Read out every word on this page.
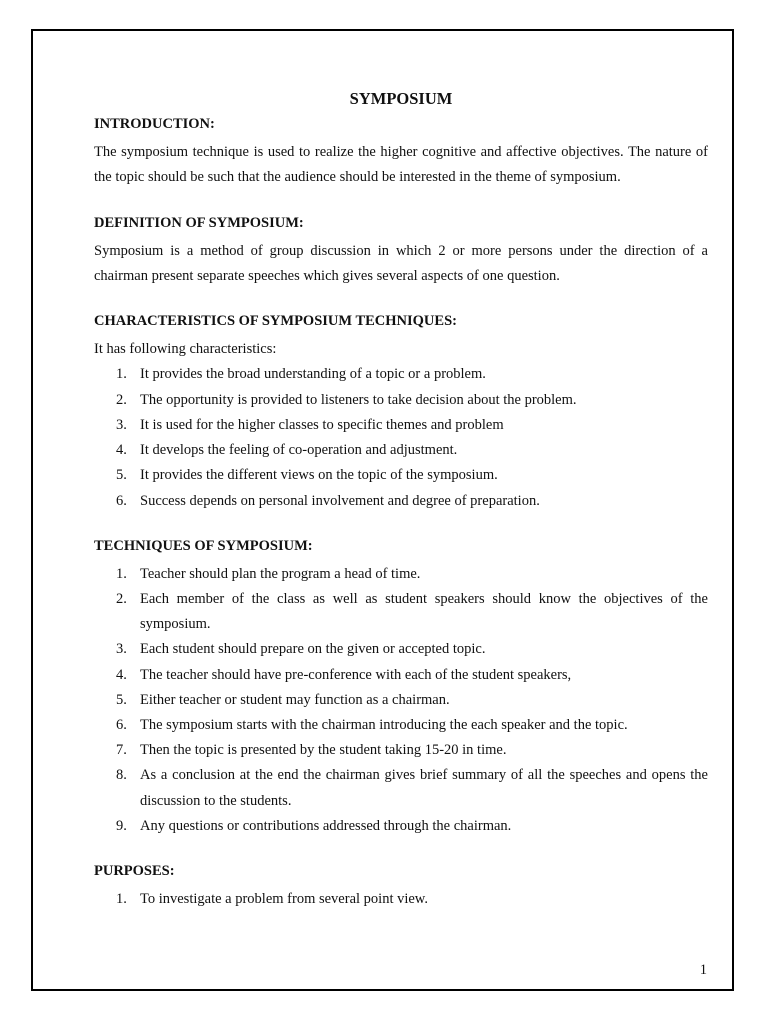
SYMPOSIUM
INTRODUCTION:

The symposium technique is used to realize the higher cognitive and affective objectives. The nature of the topic should be such that the audience should be interested in the theme of symposium.

DEFINITION OF SYMPOSIUM:

Symposium is a method of group discussion in which 2 or more persons under the direction of a chairman present separate speeches which gives several aspects of one question.

CHARACTERISTICS OF SYMPOSIUM TECHNIQUES:

It has following characteristics:

1. It provides the broad understanding of a topic or a problem.
2. The opportunity is provided to listeners to take decision about the problem.
3. It is used for the higher classes to specific themes and problem
4. It develops the feeling of co-operation and adjustment.
5. It provides the different views on the topic of the symposium.
6. Success depends on personal involvement and degree of preparation.
TECHNIQUES OF SYMPOSIUM:
1. Teacher should plan the program a head of time.
2. Each member of the class as well as student speakers should know the objectives of the symposium.
3. Each student should prepare on the given or accepted topic.
4. The teacher should have pre-conference with each of the student speakers,
5. Either teacher or student may function as a chairman.
6. The symposium starts with the chairman introducing the each speaker and the topic.
7. Then the topic is presented by the student taking 15-20 in time.
8. As a conclusion at the end the chairman gives brief summary of all the speeches and opens the discussion to the students.
9. Any questions or contributions addressed through the chairman.
PURPOSES:
1. To investigate a problem from several point view.
1
